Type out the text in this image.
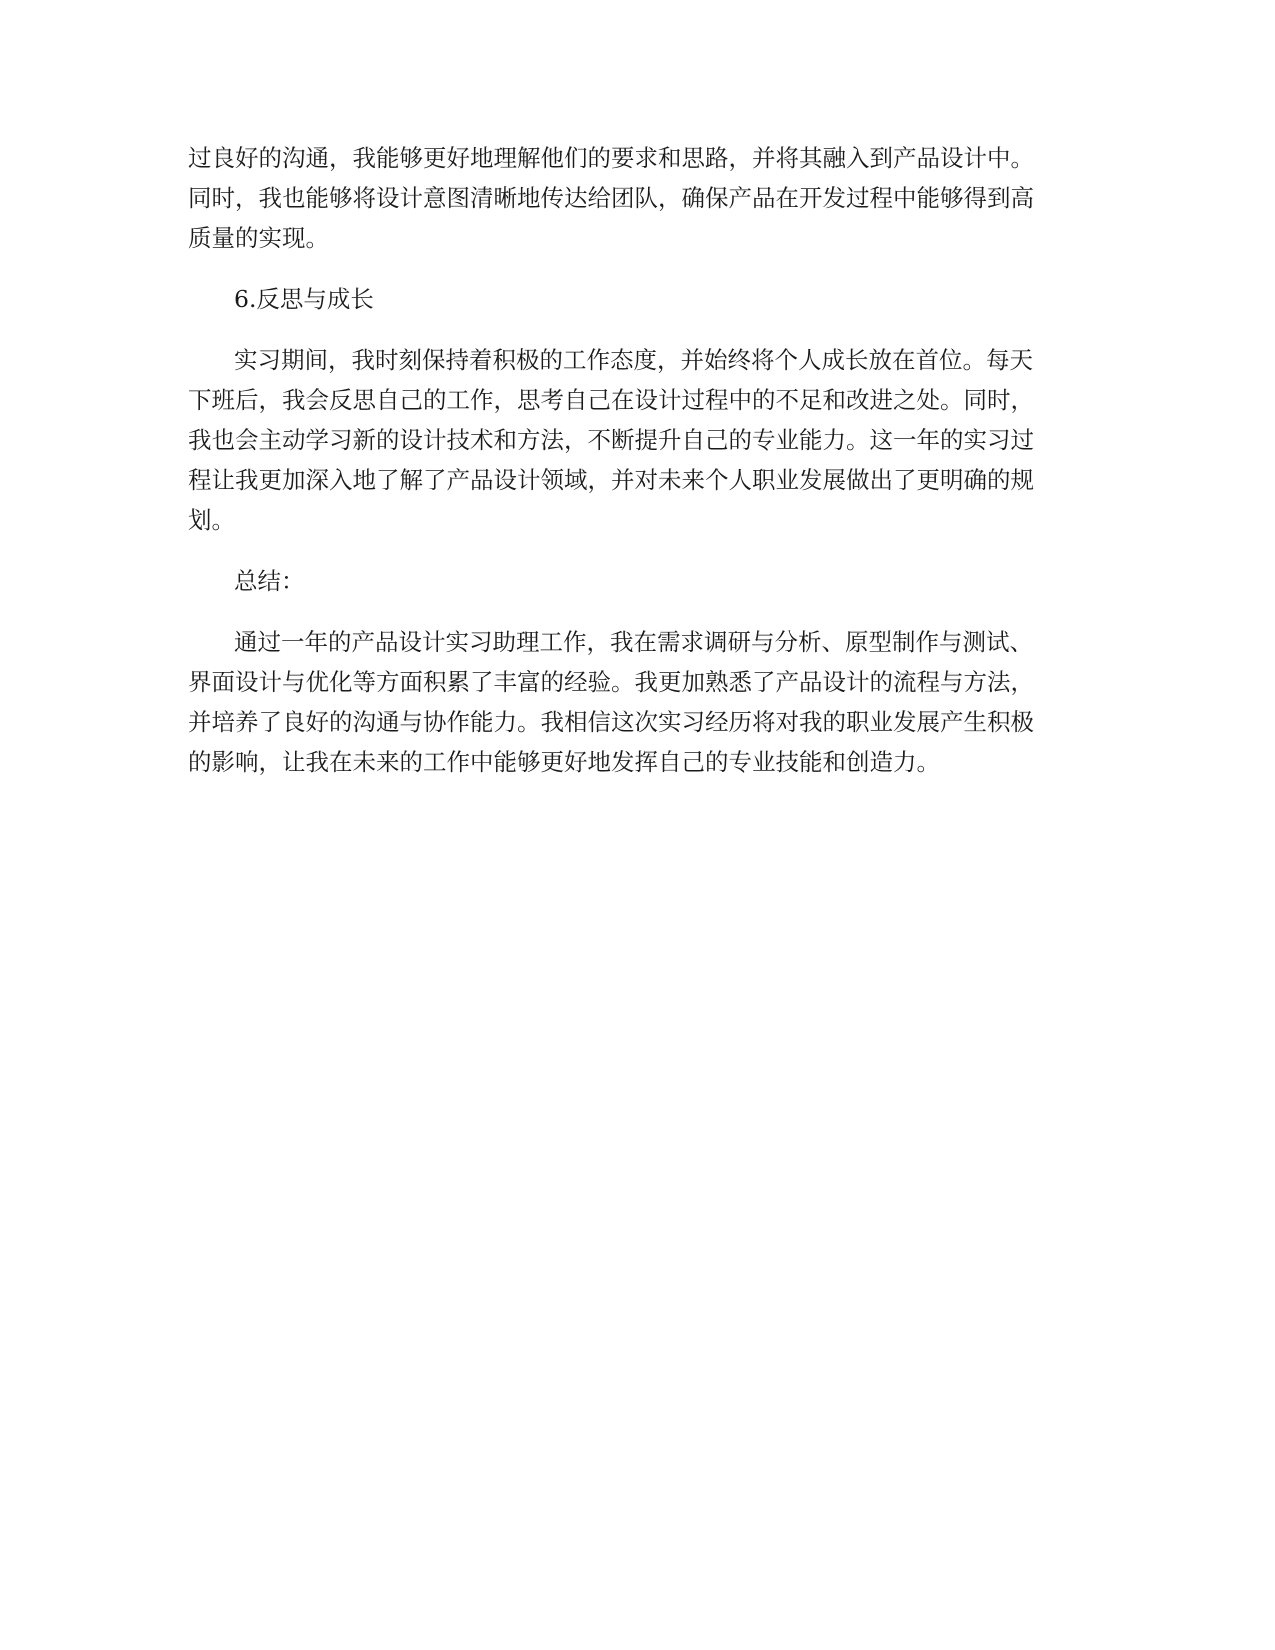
过良好的沟通，我能够更好地理解他们的要求和思路，并将其融入到产品设计中。
同时，我也能够将设计意图清晰地传达给团队，确保产品在开发过程中能够得到高
质量的实现。

6.反思与成长

实习期间，我时刻保持着积极的工作态度，并始终将个人成长放在首位。每天
下班后，我会反思自己的工作，思考自己在设计过程中的不足和改进之处。同时，
我也会主动学习新的设计技术和方法，不断提升自己的专业能力。这一年的实习过
程让我更加深入地了解了产品设计领域，并对未来个人职业发展做出了更明确的规
划。

总结：

通过一年的产品设计实习助理工作，我在需求调研与分析、原型制作与测试、
界面设计与优化等方面积累了丰富的经验。我更加熟悉了产品设计的流程与方法，
并培养了良好的沟通与协作能力。我相信这次实习经历将对我的职业发展产生积极
的影响，让我在未来的工作中能够更好地发挥自己的专业技能和创造力。
